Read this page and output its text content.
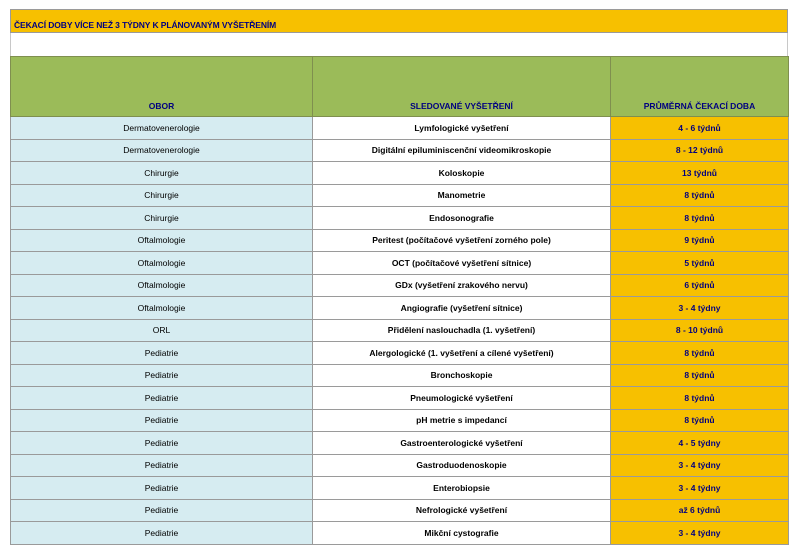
ČEKACÍ DOBY VÍCE NEŽ 3 TÝDNY K PLÁNOVANÝM VYŠETŘENÍM
OBOR	SLEDOVANÉ VYŠETŘENÍ	PRŮMĚRNÁ ČEKACÍ DOBA
Dermatovenerologie	Lymfologické vyšetření	4 - 6 týdnů
Dermatovenerologie	Digitální epiluminiscenční videomikroskopie	8 - 12 týdnů
Chirurgie	Koloskopie	13 týdnů
Chirurgie	Manometrie	8 týdnů
Chirurgie	Endosonografie	8 týdnů
Oftalmologie	Peritest (počítačové vyšetření zorného pole)	9 týdnů
Oftalmologie	OCT (počítačové vyšetření sítnice)	5 týdnů
Oftalmologie	GDx (vyšetření zrakového nervu)	6 týdnů
Oftalmologie	Angiografie (vyšetření sítnice)	3 - 4 týdny
ORL	Přidělení naslouchadla (1. vyšetření)	8 - 10 týdnů
Pediatrie	Alergologické (1. vyšetření a cílené vyšetření)	8 týdnů
Pediatrie	Bronchoskopie	8 týdnů
Pediatrie	Pneumologické vyšetření	8 týdnů
Pediatrie	pH metrie s impedancí	8 týdnů
Pediatrie	Gastroenterologické vyšetření	4 - 5 týdny
Pediatrie	Gastroduodenoskopie	3 - 4 týdny
Pediatrie	Enterobiopsie	3 - 4 týdny
Pediatrie	Nefrologické vyšetření	až 6 týdnů
Pediatrie	Mikční cystografie	3 - 4 týdny
